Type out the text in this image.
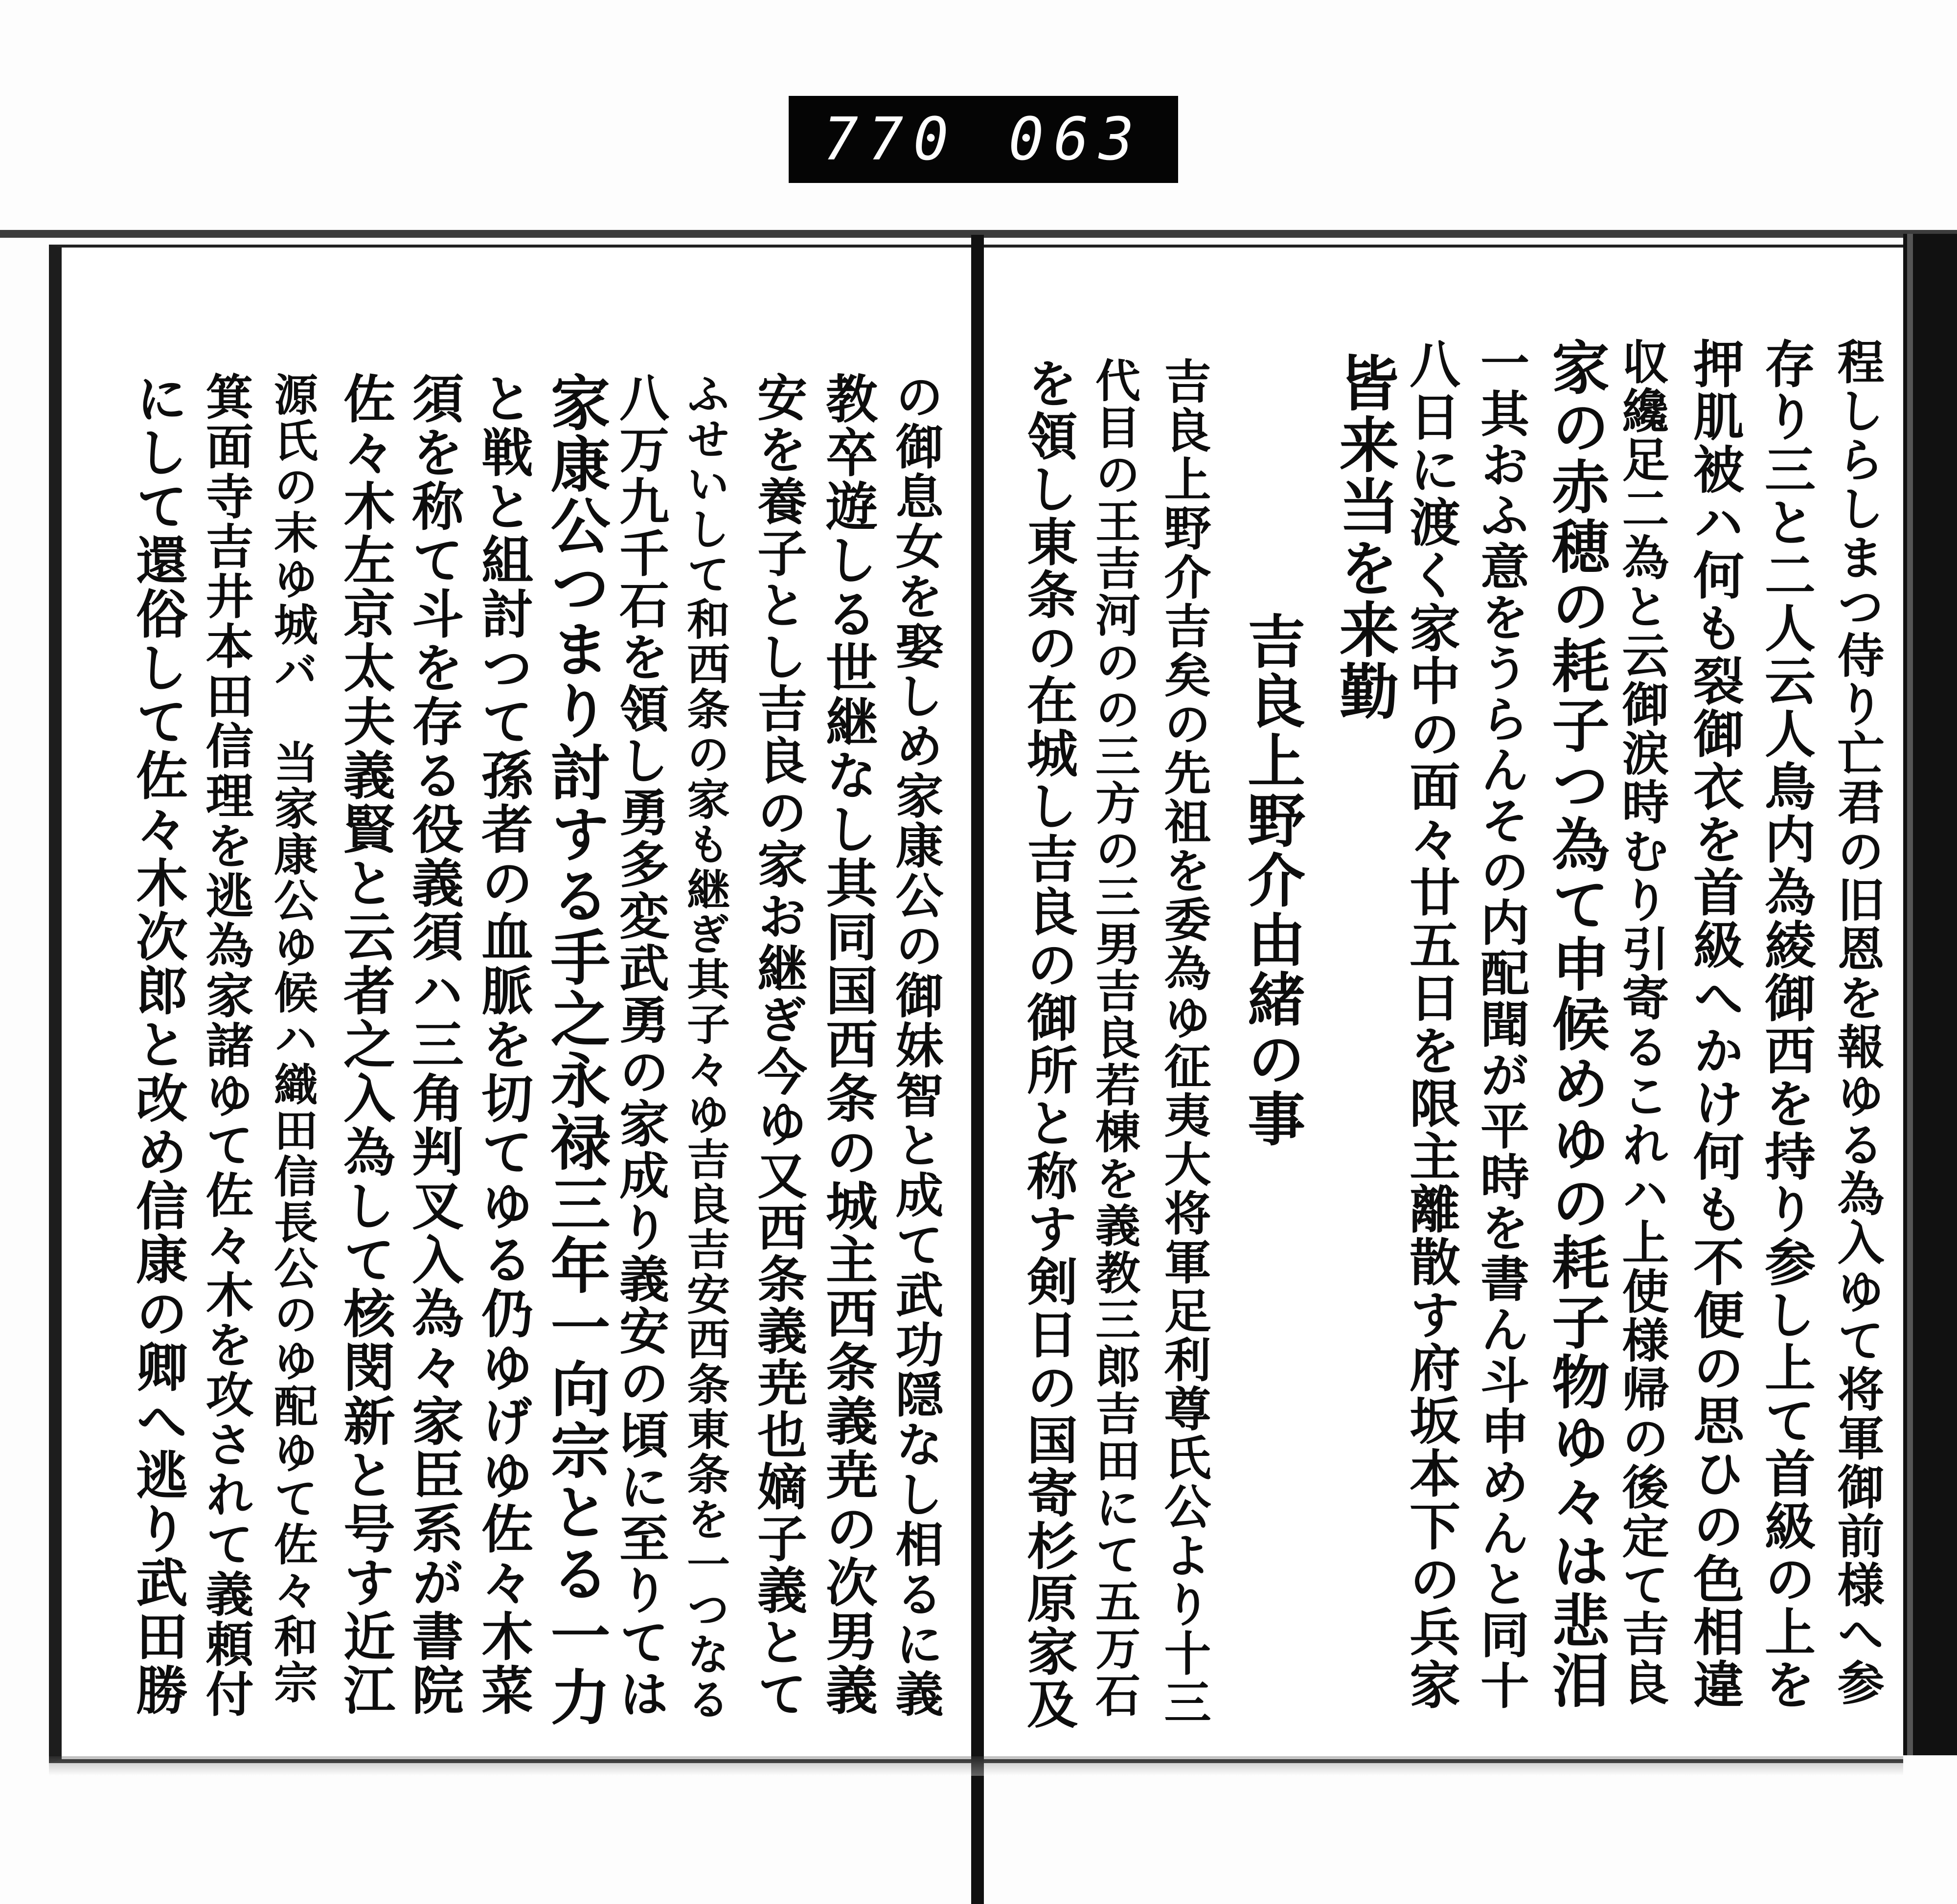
770 063
程しらしまつ侍り亡君の旧恩を報ゆる為入ゆて将軍御前様へ参
存り三と二人云人鳥内為綾御西を持り参し上て首級の上を
押肌被ハ何も裂御衣を首級へかけ何も不便の思ひの色相違
収纔足二為と云御涙時むり引寄るこれハ上使様帰の後定て吉良
家の赤穂の耗子つ為て申候めゆの耗子物ゆ々は悲泪
一其おふ意をうらんその内配聞が平時を書ん斗申めんと同十
八日に渡く家中の面々廿五日を限主離散す府坂本下の兵家
皆来当を来勤
吉良上野介由緒の事
吉良上野介吉矣の先祖を委為ゆ征夷大将軍足利尊氏公より十三
代目の王吉河のの三方の三男吉良若棟を義教三郎吉田にて五万石
を領し東条の在城し吉良の御所と称す剣日の国寄杉原家及
の御息女を娶しめ家康公の御妹智と成て武功隠なし相るに義
教卒遊しる世継なし其同国西条の城主西条義尭の次男義
安を養子とし吉良の家お継ぎ今ゆ又西条義尭也嫡子義とて
ふせいして和西条の家も継ぎ其子々ゆ吉良吉安西条東条を一つなる
八万九千石を領し勇多変武勇の家成り義安の頃に至りては
家康公つまり討する手之永禄三年一向宗とる一力
と戦と組討つて孫者の血脈を切てゆる仍ゆげゆ佐々木菜
須を称て斗を存る役義須ハ三角判叉入為々家臣系が書院
佐々木左京太夫義賢と云者之入為して核閔新と号す近江
源氏の末ゆ城バ　当家康公ゆ候ハ織田信長公のゆ配ゆて佐々和宗
箕面寺吉井本田信理を逃為家諸ゆて佐々木を攻されて義頼付
にして還俗して佐々木次郎と改め信康の卿へ逃り武田勝
